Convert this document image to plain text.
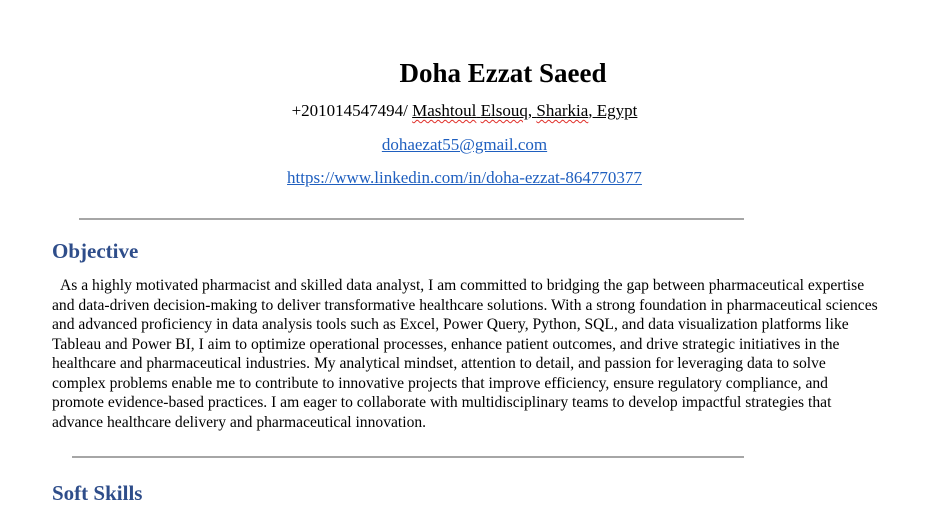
Doha Ezzat Saeed
+201014547494/ Mashtoul Elsouq, Sharkia, Egypt
dohaezat55@gmail.com
https://www.linkedin.com/in/doha-ezzat-864770377
Objective

As a highly motivated pharmacist and skilled data analyst, I am committed to bridging the gap between pharmaceutical expertise and data-driven decision-making to deliver transformative healthcare solutions. With a strong foundation in pharmaceutical sciences and advanced proficiency in data analysis tools such as Excel, Power Query, Python, SQL, and data visualization platforms like Tableau and Power BI, I aim to optimize operational processes, enhance patient outcomes, and drive strategic initiatives in the healthcare and pharmaceutical industries. My analytical mindset, attention to detail, and passion for leveraging data to solve complex problems enable me to contribute to innovative projects that improve efficiency, ensure regulatory compliance, and promote evidence-based practices. I am eager to collaborate with multidisciplinary teams to develop impactful strategies that advance healthcare delivery and pharmaceutical innovation.

Soft Skills
